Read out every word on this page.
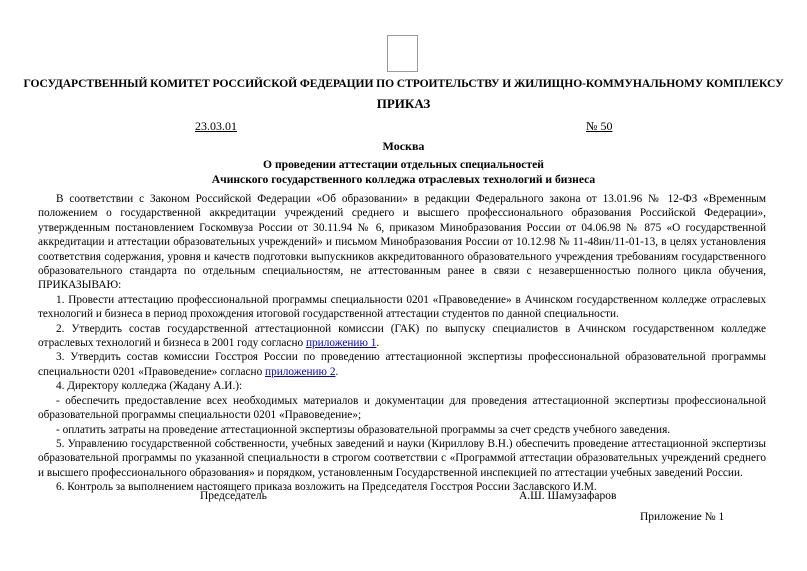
ГОСУДАРСТВЕННЫЙ КОМИТЕТ РОССИЙСКОЙ ФЕДЕРАЦИИ ПО СТРОИТЕЛЬСТВУ И ЖИЛИЩНО-КОММУНАЛЬНОМУ КОМПЛЕКСУ
ПРИКАЗ
23.03.01	№ 50
Москва
О проведении аттестации отдельных специальностей
Ачинского государственного колледжа отраслевых технологий и бизнеса

В соответствии с Законом Российской Федерации «Об образовании» в редакции Федерального закона от 13.01.96 № 12-ФЗ «Временным положением о государственной аккредитации учреждений среднего и высшего профессионального образования Российской Федерации», утвержденным постановлением Госкомвуза России от 30.11.94 № 6, приказом Минобразования России от 04.06.98 № 875 «О государственной аккредитации и аттестации образовательных учреждений» и письмом Минобразования России от 10.12.98 № 11-48ин/11-01-13, в целях установления соответствия содержания, уровня и качеств подготовки выпускников аккредитованного образовательного учреждения требованиям государственного образовательного стандарта по отдельным специальностям, не аттестованным ранее в связи с незавершенностью полного цикла обучения, ПРИКАЗЫВАЮ:

1. Провести аттестацию профессиональной программы специальности 0201 «Правоведение» в Ачинском государственном колледже отраслевых технологий и бизнеса в период прохождения итоговой государственной аттестации студентов по данной специальности.

2. Утвердить состав государственной аттестационной комиссии (ГАК) по выпуску специалистов в Ачинском государственном колледже отраслевых технологий и бизнеса в 2001 году согласно приложению 1.

3. Утвердить состав комиссии Госстроя России по проведению аттестационной экспертизы профессиональной образовательной программы специальности 0201 «Правоведение» согласно приложению 2.

4. Директору колледжа (Жадану А.И.):

- обеспечить предоставление всех необходимых материалов и документации для проведения аттестационной экспертизы профессиональной образовательной программы специальности 0201 «Правоведение»;

- оплатить затраты на проведение аттестационной экспертизы образовательной программы за счет средств учебного заведения.

5. Управлению государственной собственности, учебных заведений и науки (Кириллову В.Н.) обеспечить проведение аттестационной экспертизы образовательной программы по указанной специальности в строгом соответствии с «Программой аттестации образовательных учреждений среднего и высшего профессионального образования» и порядком, установленным Государственной инспекцией по аттестации учебных заведений России.

6. Контроль за выполнением настоящего приказа возложить на Председателя Госстроя России Заславского И.М.

Председатель	А.Ш. Шамузафаров
Приложение № 1
